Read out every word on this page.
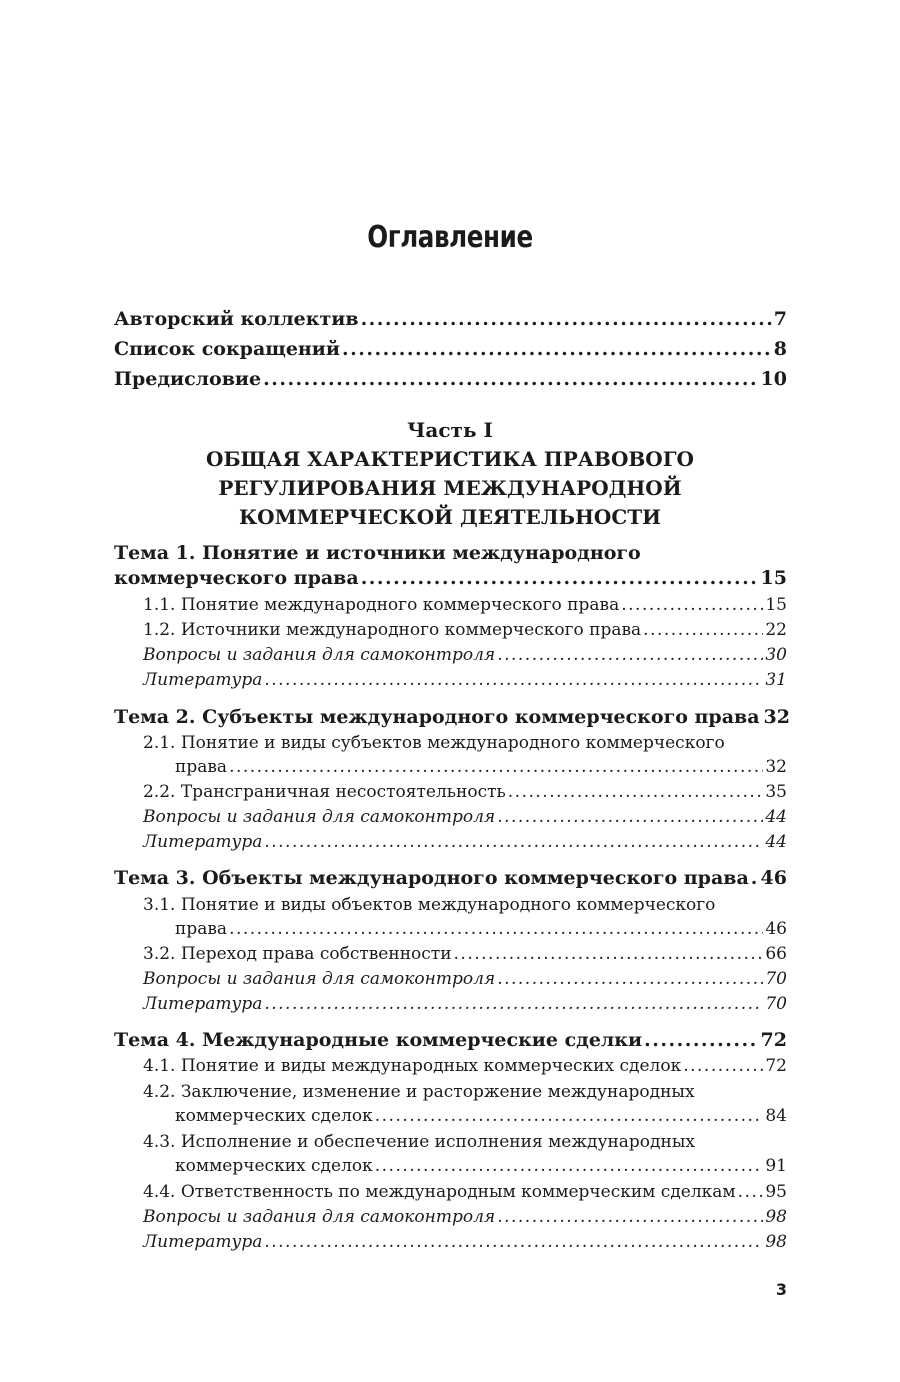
Оглавление
Авторский коллектив .....	7
Список сокращений .....	8
Предисловие .....	10
Часть I
ОБЩАЯ ХАРАКТЕРИСТИКА ПРАВОВОГО
РЕГУЛИРОВАНИЯ МЕЖДУНАРОДНОЙ
КОММЕРЧЕСКОЙ ДЕЯТЕЛЬНОСТИ
Тема 1. Понятие и источники международного
коммерческого права .....	15
1.1. Понятие международного коммерческого права .....	15
1.2. Источники международного коммерческого права .....	22
Вопросы и задания для самоконтроля .....	30
Литература .....	31
Тема 2. Субъекты международного коммерческого права 32
2.1. Понятие и виды субъектов международного коммерческого
права .....	32
2.2. Трансграничная несостоятельность .....	35
Вопросы и задания для самоконтроля .....	44
Литература .....	44
Тема 3. Объекты международного коммерческого права ..... 46
3.1. Понятие и виды объектов международного коммерческого
права .....	46
3.2. Переход права собственности .....	66
Вопросы и задания для самоконтроля .....	70
Литература .....	70
Тема 4. Международные коммерческие сделки .....	72
4.1. Понятие и виды международных коммерческих сделок .....	72
4.2. Заключение, изменение и расторжение международных
коммерческих сделок .....	84
4.3. Исполнение и обеспечение исполнения международных
коммерческих сделок .....	91
4.4. Ответственность по международным коммерческим сделкам ..... 95
Вопросы и задания для самоконтроля .....	98
Литература .....	98
3
